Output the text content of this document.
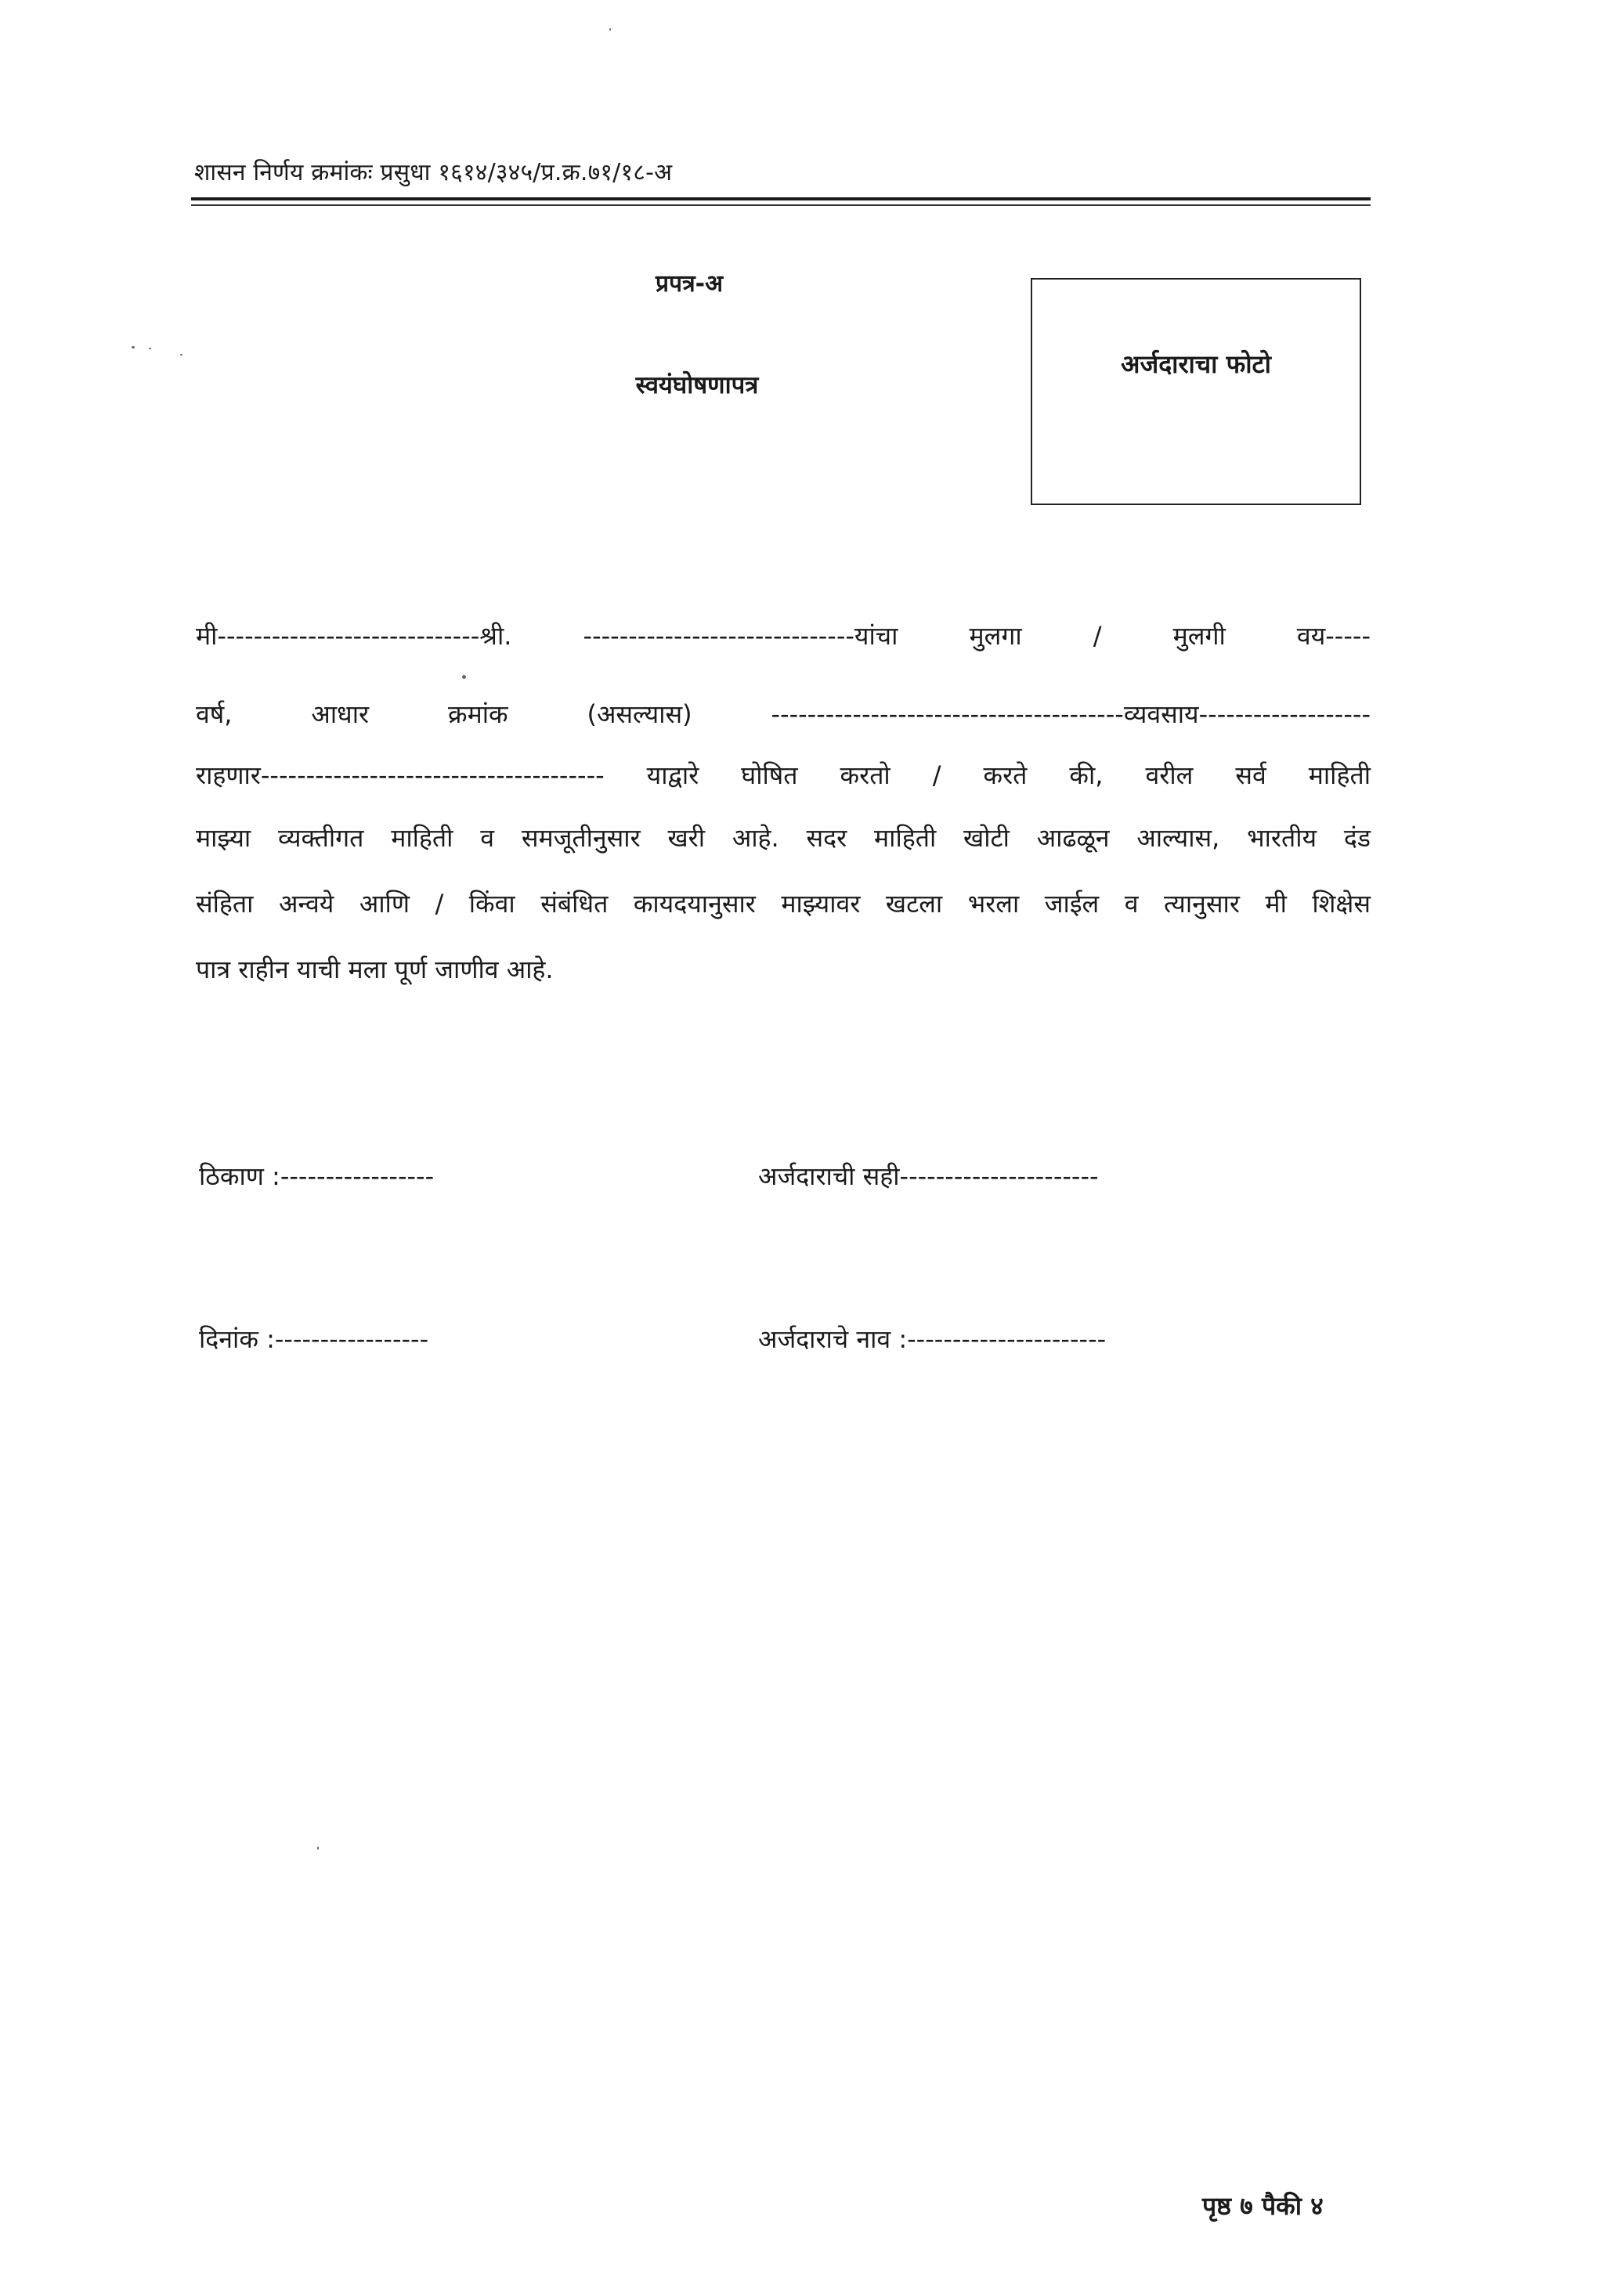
शासन निर्णय क्रमांकः प्रसुधा १६१४/३४५/प्र.क्र.७१/१८-अ
प्रपत्र-अ
स्वयंघोषणापत्र
अर्जदाराचा फोटो
मी-----------------------------श्री. ------------------------------यांचा मुलगा / मुलगी वय-----
वर्ष, आधार क्रमांक (असल्यास) ---------------------------------------व्यवसाय-------------------
राहणार-------------------------------------- याद्वारे घोषित करतो / करते की, वरील सर्व माहिती
माझ्या व्यक्तीगत माहिती व समजूतीनुसार खरी आहे. सदर माहिती खोटी आढळून आल्यास, भारतीय दंड
संहिता अन्वये आणि / किंवा संबंधित कायदयानुसार माझ्यावर खटला भरला जाईल व त्यानुसार मी शिक्षेस
पात्र राहीन याची मला पूर्ण जाणीव आहे.
ठिकाण :-----------------	अर्जदाराची सही----------------------
दिनांक :-----------------	अर्जदाराचे नाव :----------------------
पृष्ठ ७ पैकी ४
